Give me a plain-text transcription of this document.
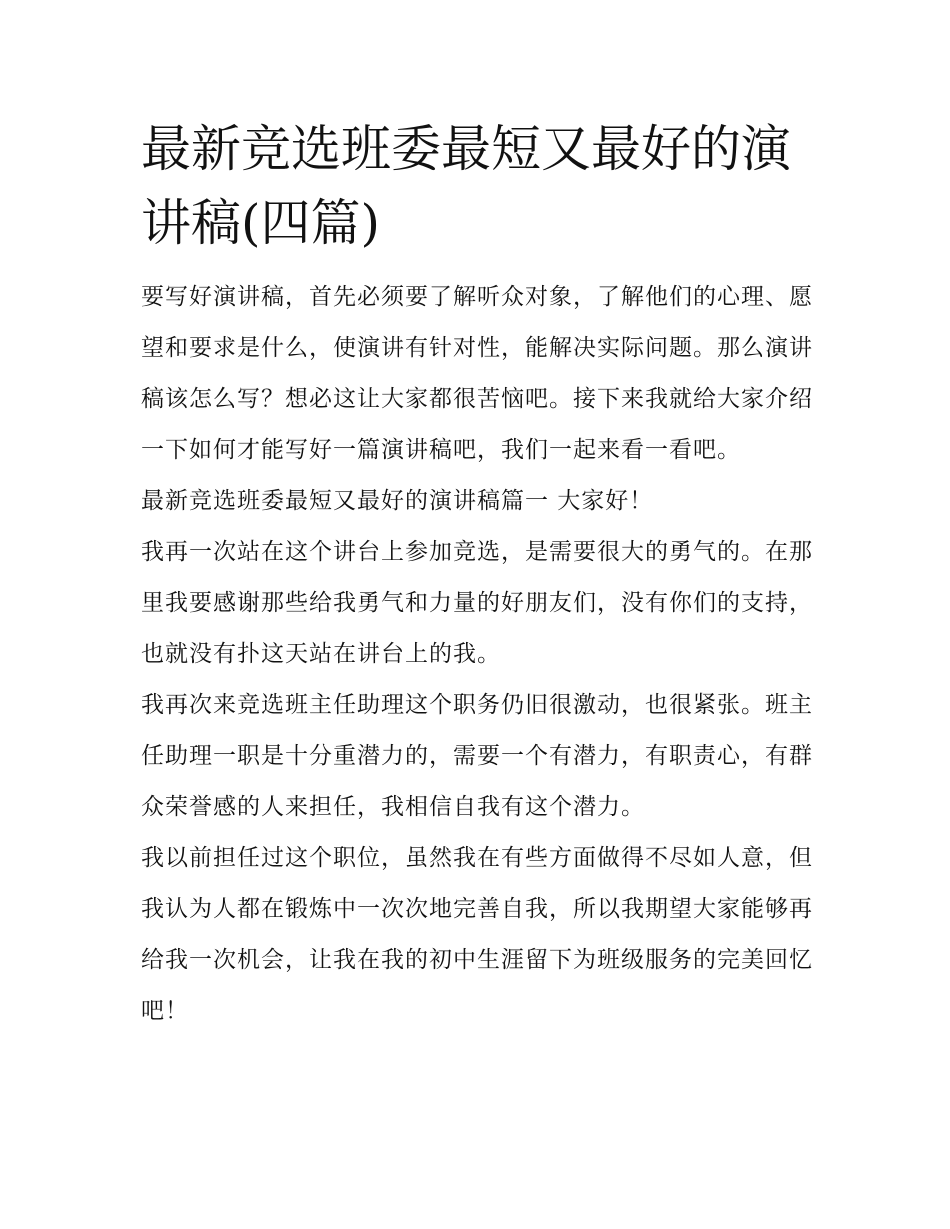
最新竞选班委最短又最好的演讲稿(四篇)

要写好演讲稿，首先必须要了解听众对象，了解他们的心理、愿望和要求是什么，使演讲有针对性，能解决实际问题。那么演讲稿该怎么写？想必这让大家都很苦恼吧。接下来我就给大家介绍一下如何才能写好一篇演讲稿吧，我们一起来看一看吧。

最新竞选班委最短又最好的演讲稿篇一 大家好！

我再一次站在这个讲台上参加竞选，是需要很大的勇气的。在那里我要感谢那些给我勇气和力量的好朋友们，没有你们的支持，也就没有扑这天站在讲台上的我。

我再次来竞选班主任助理这个职务仍旧很激动，也很紧张。班主任助理一职是十分重潜力的，需要一个有潜力，有职责心，有群众荣誉感的人来担任，我相信自我有这个潜力。

我以前担任过这个职位，虽然我在有些方面做得不尽如人意，但我认为人都在锻炼中一次次地完善自我，所以我期望大家能够再给我一次机会，让我在我的初中生涯留下为班级服务的完美回忆吧！
